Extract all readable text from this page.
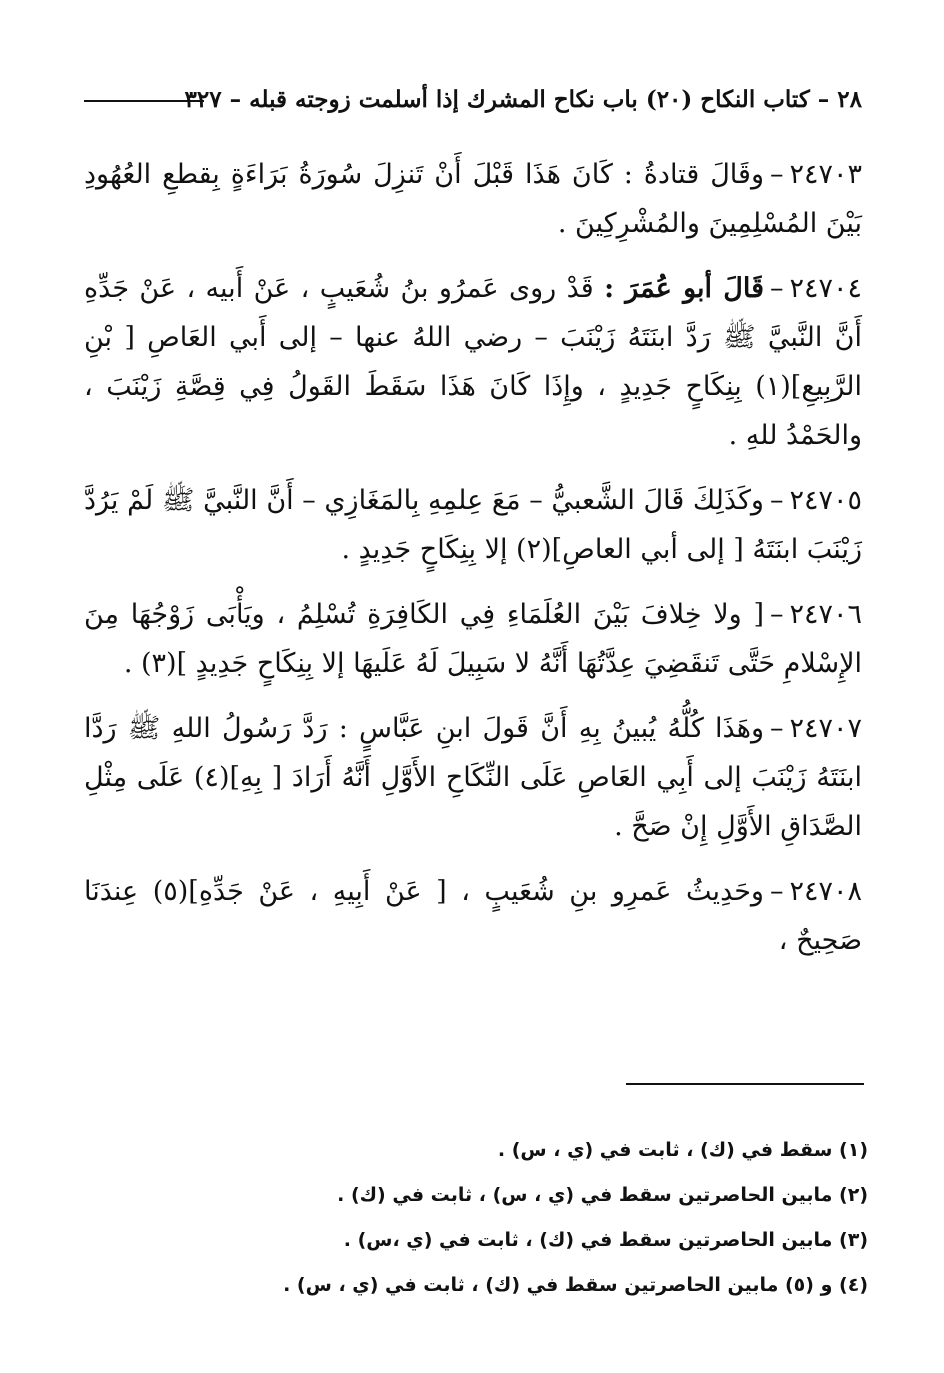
٢٨ – كتاب النكاح (٢٠) باب نكاح المشرك إذا أسلمت زوجته قبله – ٣٢٧

٢٤٧٠٣–وقَالَ قتادةُ : كَانَ هَذَا قَبْلَ أَنْ تَنزِلَ سُورَةُ بَرَاءَةٍ بِقطعِ العُهُودِ بَيْنَ المُسْلِمِينَ والمُشْرِكِينَ .

٢٤٧٠٤–قَالَ أبو عُمَرَ : قَدْ روى عَمرُو بنُ شُعَيبٍ ، عَنْ أَبيه ، عَنْ جَدِّهِ أَنَّ النَّبيَّ ﷺ رَدَّ ابنَتَهُ زَيْنَبَ – رضي اللهُ عنها – إلى أَبي العَاصِ [ بْنِ الرَّبِيعِ](١) بِنِكَاحٍ جَدِيدٍ ، وإِذَا كَانَ هَذَا سَقَطَ القَولُ فِي قِصَّةِ زَيْنَبَ ، والحَمْدُ للهِ .

٢٤٧٠٥–وكَذَلِكَ قَالَ الشَّعبيُّ – مَعَ عِلمِهِ بِالمَغَازِي – أَنَّ النَّبيَّ ﷺ لَمْ يَرُدَّ زَيْنَبَ ابنَتَهُ [ إلى أبي العاصِ](٢) إلا بِنِكَاحٍ جَدِيدٍ .

٢٤٧٠٦–[ ولا خِلافَ بَيْنَ العُلَمَاءِ فِي الكَافِرَةِ تُسْلِمُ ، ويَأْبَى زَوْجُهَا مِنَ الإِسْلامِ حَتَّى تَنقَضِيَ عِدَّتُهَا أَنَّهُ لا سَبِيلَ لَهُ عَلَيهَا إلا بِنِكَاحٍ جَدِيدٍ ](٣) .

٢٤٧٠٧–وهَذَا كُلُّهُ يُبينُ بِهِ أَنَّ قَولَ ابنِ عَبَّاسٍ : رَدَّ رَسُولُ اللهِ ﷺ رَدَّا ابنَتَهُ زَيْنَبَ إلى أَبِي العَاصِ عَلَى النِّكَاحِ الأَوَّلِ أَنَّهُ أَرَادَ [ بِهِ](٤) عَلَى مِثْلِ الصَّدَاقِ الأَوَّلِ إِنْ صَحَّ .

٢٤٧٠٨–وحَدِيثُ عَمرِو بنِ شُعَيبٍ ، [ عَنْ أَبِيهِ ، عَنْ جَدِّهِ](٥) عِندَنَا صَحِيحٌ ،

(١) سقط في (ك) ، ثابت في (ي ، س) .
(٢) مابين الحاصرتين سقط في (ي ، س) ، ثابت في (ك) .
(٣) مابين الحاصرتين سقط في (ك) ، ثابت في (ي ،س) .
(٤) و (٥) مابين الحاصرتين سقط في (ك) ، ثابت في (ي ، س) .
